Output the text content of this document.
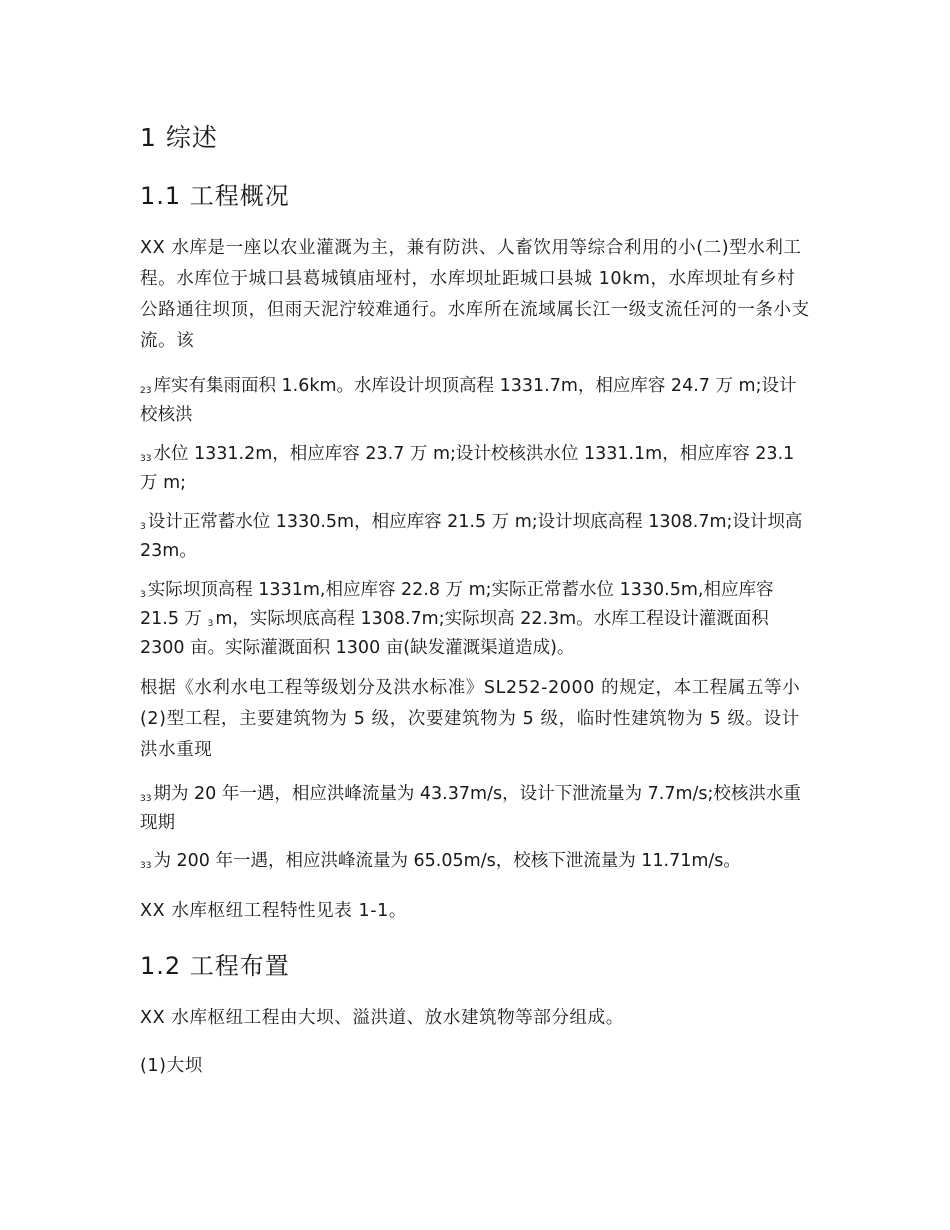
1 综述
1.1 工程概况

XX 水库是一座以农业灌溉为主，兼有防洪、人畜饮用等综合利用的小(二)型水利工程。水库位于城口县葛城镇庙垭村，水库坝址距城口县城 10km，水库坝址有乡村公路通往坝顶，但雨天泥泞较难通行。水库所在流域属长江一级支流任河的一条小支流。该

$_{23}$ 库实有集雨面积 1.6km。水库设计坝顶高程 1331.7m，相应库容 24.7 万 m;设计校核洪

$_{33}$ 水位 1331.2m，相应库容 23.7 万 m;设计校核洪水位 1331.1m，相应库容 23.1 万 m;

$_3$ 设计正常蓄水位 1330.5m，相应库容 21.5 万 m;设计坝底高程 1308.7m;设计坝高 23m。

$_3$ 实际坝顶高程 1331m,相应库容 22.8 万 m;实际正常蓄水位 1330.5m,相应库容 21.5 万 $_3$ m，实际坝底高程 1308.7m;实际坝高 22.3m。水库工程设计灌溉面积 2300 亩。实际灌溉面积 1300 亩(缺发灌溉渠道造成)。

根据《水利水电工程等级划分及洪水标准》SL252-2000 的规定，本工程属五等小(2)型工程，主要建筑物为 5 级，次要建筑物为 5 级，临时性建筑物为 5 级。设计洪水重现

$_{33}$ 期为 20 年一遇，相应洪峰流量为 43.37m/s，设计下泄流量为 7.7m/s;校核洪水重现期

$_{33}$ 为 200 年一遇，相应洪峰流量为 65.05m/s，校核下泄流量为 11.71m/s。

XX 水库枢纽工程特性见表 1-1。

1.2 工程布置

XX 水库枢纽工程由大坝、溢洪道、放水建筑物等部分组成。

(1)大坝
